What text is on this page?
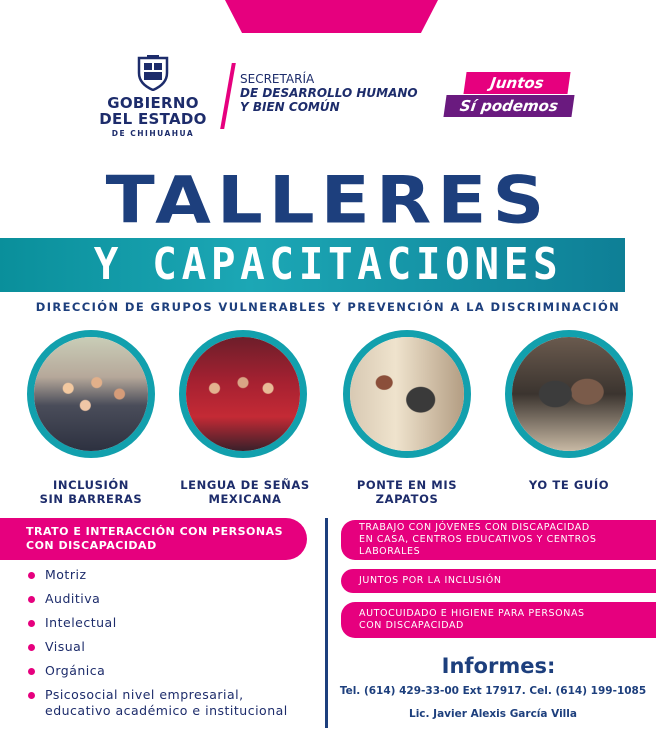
GOBIERNO
DEL ESTADO
DE CHIHUAHUA
SECRETARÍA
DE DESARROLLO HUMANO
Y BIEN COMÚN
Juntos
Sí podemos
TALLERES
Y CAPACITACIONES
DIRECCIÓN DE GRUPOS VULNERABLES Y PREVENCIÓN A LA DISCRIMINACIÓN
INCLUSIÓN
SIN BARRERAS
LENGUA DE SEÑAS
MEXICANA
PONTE EN MIS
ZAPATOS
YO TE GUÍO
TRATO E INTERACCIÓN CON PERSONAS
CON DISCAPACIDAD
Motriz
Auditiva
Intelectual
Visual
Orgánica
Psicosocial nivel empresarial,
educativo académico e institucional
TRABAJO CON JÓVENES CON DISCAPACIDAD
EN CASA, CENTROS EDUCATIVOS Y CENTROS LABORALES
JUNTOS POR LA INCLUSIÓN
AUTOCUIDADO E HIGIENE PARA PERSONAS
CON DISCAPACIDAD
Informes:
Tel. (614) 429-33-00 Ext 17917. Cel. (614) 199-1085
Lic. Javier Alexis García Villa
